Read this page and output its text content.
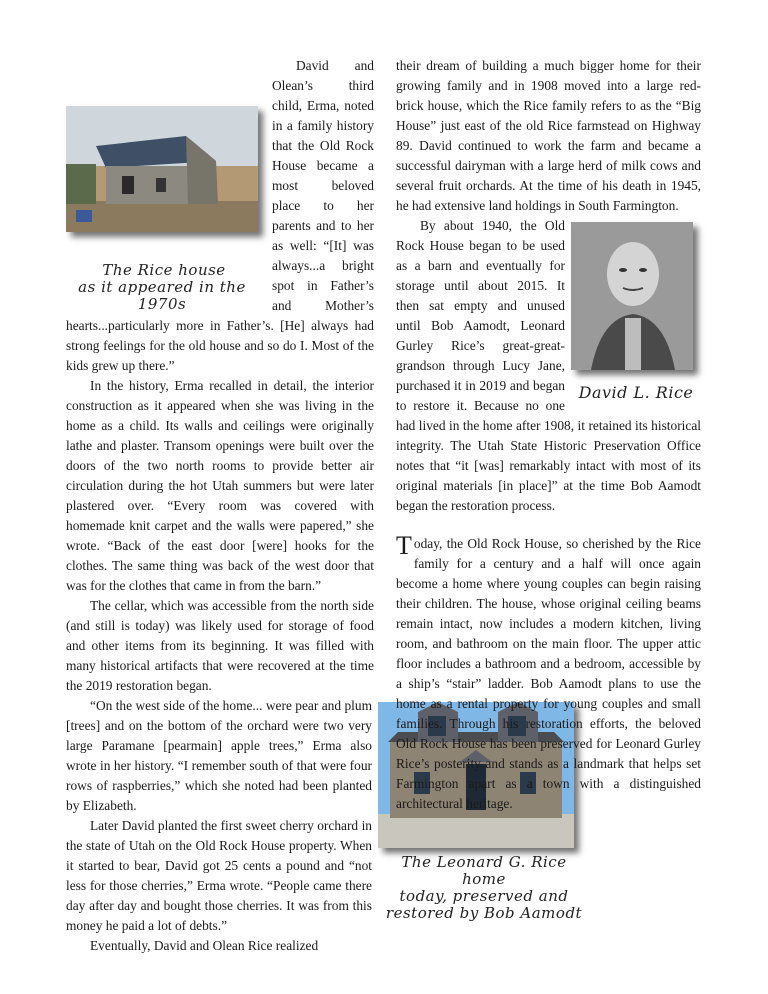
The Rice house
as it appeared in the 1970s

David and Olean’s third child, Erma, noted in a family history that the Old Rock House became a most beloved place to her parents and to her as well: “[It] was always...a bright spot in Father’s and Mother’s hearts...particularly more in Father’s. [He] always had strong feelings for the old house and so do I. Most of the kids grew up there.”

In the history, Erma recalled in detail, the interior construction as it appeared when she was living in the home as a child. Its walls and ceilings were originally lathe and plaster. Transom openings were built over the doors of the two north rooms to provide better air circulation during the hot Utah summers but were later plastered over. “Every room was covered with homemade knit carpet and the walls were papered,” she wrote. “Back of the east door [were] hooks for the clothes. The same thing was back of the west door that was for the clothes that came in from the barn.”

The cellar, which was accessible from the north side (and still is today) was likely used for storage of food and other items from its beginning. It was filled with many historical artifacts that were recovered at the time the 2019 restoration began.

The Leonard G. Rice home
today, preserved and
restored by Bob Aamodt

“On the west side of the home... were pear and plum [trees] and on the bottom of the orchard were two very large Paramane [pearmain] apple trees,” Erma also wrote in her history. “I remember south of that were four rows of raspberries,” which she noted had been planted by Elizabeth.

Later David planted the first sweet cherry orchard in the state of Utah on the Old Rock House property. When it started to bear, David got 25 cents a pound and “not less for those cherries,” Erma wrote. “People came there day after day and bought those cherries. It was from this money he paid a lot of debts.”

Eventually, David and Olean Rice realized

their dream of building a much bigger home for their growing family and in 1908 moved into a large red-brick house, which the Rice family refers to as the “Big House” just east of the old Rice farmstead on Highway 89. David continued to work the farm and became a successful dairyman with a large herd of milk cows and several fruit orchards. At the time of his death in 1945, he had extensive land holdings in South Farmington.

David L. Rice

By about 1940, the Old Rock House began to be used as a barn and eventually for storage until about 2015. It then sat empty and unused until Bob Aamodt, Leonard Gurley Rice’s great-great-grandson through Lucy Jane, purchased it in 2019 and began to restore it. Because no one had lived in the home after 1908, it retained its historical integrity. The Utah State Historic Preservation Office notes that “it [was] remarkably intact with most of its original materials [in place]” at the time Bob Aamodt began the restoration process.

Today, the Old Rock House, so cherished by the Rice family for a century and a half will once again become a home where young couples can begin raising their children. The house, whose original ceiling beams remain intact, now includes a modern kitchen, living room, and bathroom on the main floor. The upper attic floor includes a bathroom and a bedroom, accessible by a ship’s “stair” ladder. Bob Aamodt plans to use the home as a rental property for young couples and small families. Through his restoration efforts, the beloved Old Rock House has been preserved for Leonard Gurley Rice’s posterity and stands as a landmark that helps set Farmington apart as a town with a distinguished architectural heritage.
